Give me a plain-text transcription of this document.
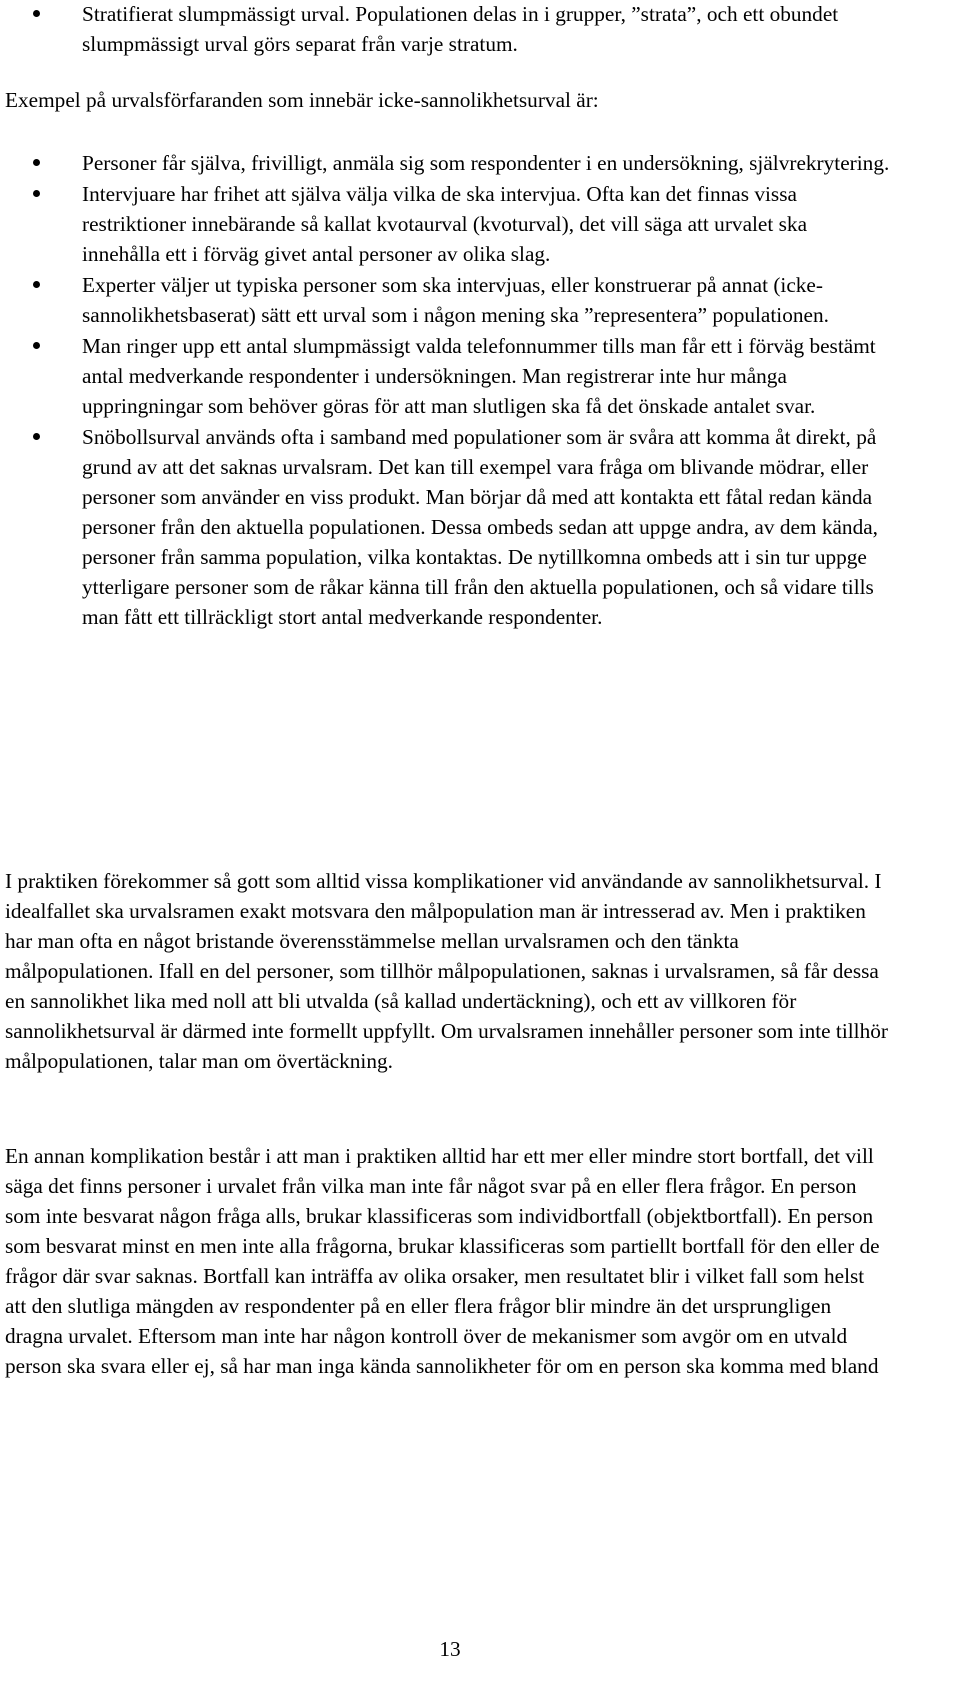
Stratifierat slumpmässigt urval. Populationen delas in i grupper, ”strata”, och ett obundet slumpmässigt urval görs separat från varje stratum.

Exempel på urvalsförfaranden som innebär icke-sannolikhetsurval är:

Personer får själva, frivilligt, anmäla sig som respondenter i en undersökning, självrekrytering.
Intervjuare har frihet att själva välja vilka de ska intervjua. Ofta kan det finnas vissa restriktioner innebärande så kallat kvotaurval (kvoturval), det vill säga att urvalet ska innehålla ett i förväg givet antal personer av olika slag.
Experter väljer ut typiska personer som ska intervjuas, eller konstruerar på annat (icke-sannolikhetsbaserat) sätt ett urval som i någon mening ska ”representera” populationen.
Man ringer upp ett antal slumpmässigt valda telefonnummer tills man får ett i förväg bestämt antal medverkande respondenter i undersökningen. Man registrerar inte hur många uppringningar som behöver göras för att man slutligen ska få det önskade antalet svar.
Snöbollsurval används ofta i samband med populationer som är svåra att komma åt direkt, på grund av att det saknas urvalsram. Det kan till exempel vara fråga om blivande mödrar, eller personer som använder en viss produkt. Man börjar då med att kontakta ett fåtal redan kända personer från den aktuella populationen. Dessa ombeds sedan att uppge andra, av dem kända, personer från samma population, vilka kontaktas. De nytillkomna ombeds att i sin tur uppge ytterligare personer som de råkar känna till från den aktuella populationen, och så vidare tills man fått ett tillräckligt stort antal medverkande respondenter.

I praktiken förekommer så gott som alltid vissa komplikationer vid användande av sannolikhetsurval. I idealfallet ska urvalsramen exakt motsvara den målpopulation man är intresserad av. Men i praktiken har man ofta en något bristande överensstämmelse mellan urvalsramen och den tänkta målpopulationen. Ifall en del personer, som tillhör målpopulationen, saknas i urvalsramen, så får dessa en sannolikhet lika med noll att bli utvalda (så kallad undertäckning), och ett av villkoren för sannolikhetsurval är därmed inte formellt uppfyllt. Om urvalsramen innehåller personer som inte tillhör målpopulationen, talar man om övertäckning.

En annan komplikation består i att man i praktiken alltid har ett mer eller mindre stort bortfall, det vill säga det finns personer i urvalet från vilka man inte får något svar på en eller flera frågor. En person som inte besvarat någon fråga alls, brukar klassificeras som individbortfall (objektbortfall). En person som besvarat minst en men inte alla frågorna, brukar klassificeras som partiellt bortfall för den eller de frågor där svar saknas. Bortfall kan inträffa av olika orsaker, men resultatet blir i vilket fall som helst att den slutliga mängden av respondenter på en eller flera frågor blir mindre än det ursprungligen dragna urvalet. Eftersom man inte har någon kontroll över de mekanismer som avgör om en utvald person ska svara eller ej, så har man inga kända sannolikheter för om en person ska komma med bland

13
